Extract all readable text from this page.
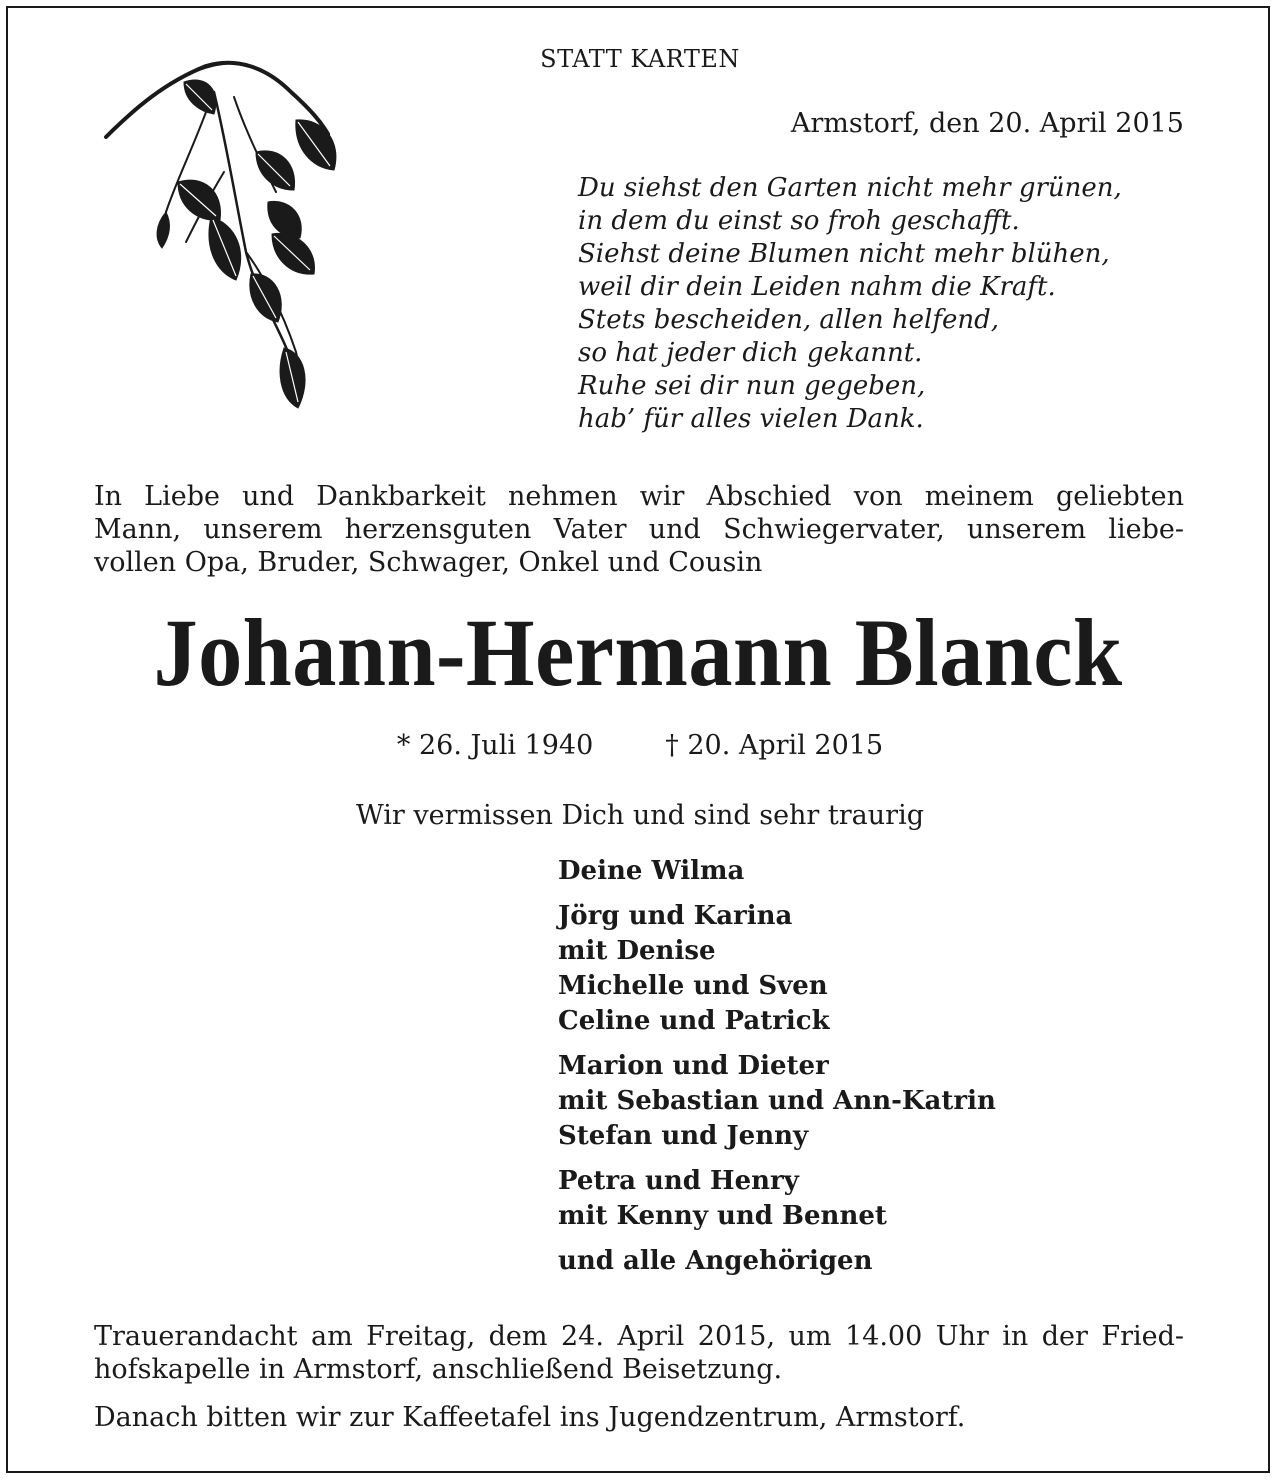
STATT KARTEN
Armstorf, den 20. April 2015
Du siehst den Garten nicht mehr grünen,
in dem du einst so froh geschafft.
Siehst deine Blumen nicht mehr blühen,
weil dir dein Leiden nahm die Kraft.
Stets bescheiden, allen helfend,
so hat jeder dich gekannt.
Ruhe sei dir nun gegeben,
hab’ für alles vielen Dank.
In Liebe und Dankbarkeit nehmen wir Abschied von meinem geliebten
Mann, unserem herzensguten Vater und Schwiegervater, unserem liebe-
vollen Opa, Bruder, Schwager, Onkel und Cousin
Johann-Hermann Blanck
* 26. Juli 1940	† 20. April 2015
Wir vermissen Dich und sind sehr traurig
Deine Wilma
Jörg und Karina
mit Denise
Michelle und Sven
Celine und Patrick
Marion und Dieter
mit Sebastian und Ann-Katrin
Stefan und Jenny
Petra und Henry
mit Kenny und Bennet
und alle Angehörigen
Trauerandacht am Freitag, dem 24. April 2015, um 14.00 Uhr in der Fried-
hofskapelle in Armstorf, anschließend Beisetzung.
Danach bitten wir zur Kaffeetafel ins Jugendzentrum, Armstorf.
